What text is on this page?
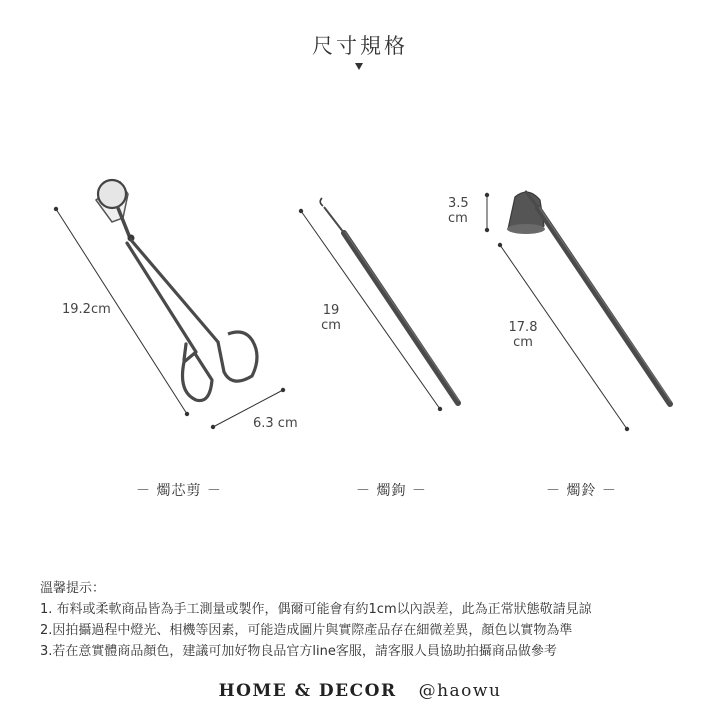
尺寸規格
19.2cm
6.3 cm
19
cm
3.5
cm
17.8
cm
－ 燭芯剪 －	－ 燭鉤 －	－ 燭鈴 －
溫馨提示：
1. 布料或柔軟商品皆為手工測量或製作，偶爾可能會有約1cm以內誤差，此為正常狀態敬請見諒
2.因拍攝過程中燈光、相機等因素，可能造成圖片與實際產品存在細微差異，顏色以實物為準
3.若在意實體商品顏色，建議可加好物良品官方line客服，請客服人員協助拍攝商品做參考
HOME & DECOR @haowu
